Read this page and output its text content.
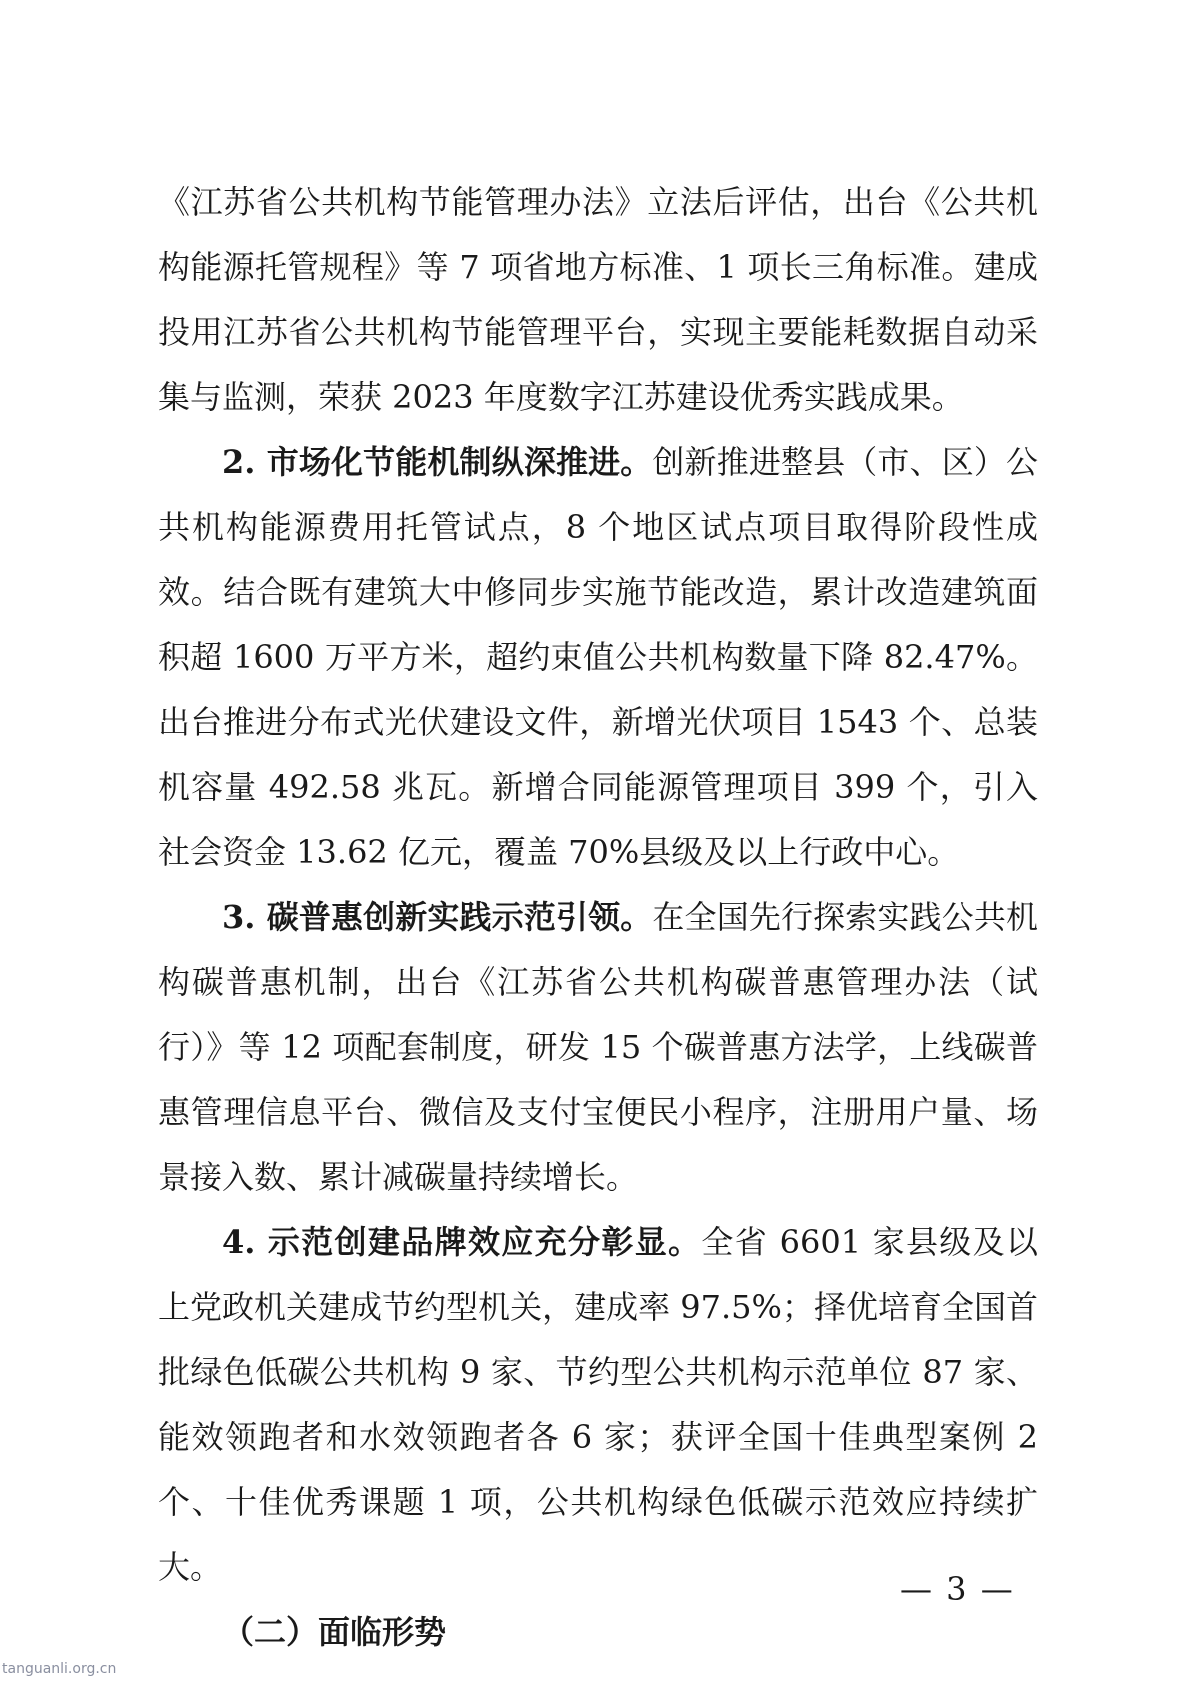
《江苏省公共机构节能管理办法》立法后评估，出台《公共机构能源托管规程》等 7 项省地方标准、1 项长三角标准。建成投用江苏省公共机构节能管理平台，实现主要能耗数据自动采集与监测，荣获 2023 年度数字江苏建设优秀实践成果。

2. 市场化节能机制纵深推进。创新推进整县（市、区）公共机构能源费用托管试点，8 个地区试点项目取得阶段性成效。结合既有建筑大中修同步实施节能改造，累计改造建筑面积超 1600 万平方米，超约束值公共机构数量下降 82.47%。出台推进分布式光伏建设文件，新增光伏项目 1543 个、总装机容量 492.58 兆瓦。新增合同能源管理项目 399 个，引入社会资金 13.62 亿元，覆盖 70%县级及以上行政中心。

3. 碳普惠创新实践示范引领。在全国先行探索实践公共机构碳普惠机制，出台《江苏省公共机构碳普惠管理办法（试行）》等 12 项配套制度，研发 15 个碳普惠方法学，上线碳普惠管理信息平台、微信及支付宝便民小程序，注册用户量、场景接入数、累计减碳量持续增长。

4. 示范创建品牌效应充分彰显。全省 6601 家县级及以上党政机关建成节约型机关，建成率 97.5%；择优培育全国首批绿色低碳公共机构 9 家、节约型公共机构示范单位 87 家、能效领跑者和水效领跑者各 6 家；获评全国十佳典型案例 2 个、十佳优秀课题 1 项，公共机构绿色低碳示范效应持续扩大。

（二）面临形势

— 3 —
tanguanli.org.cn
